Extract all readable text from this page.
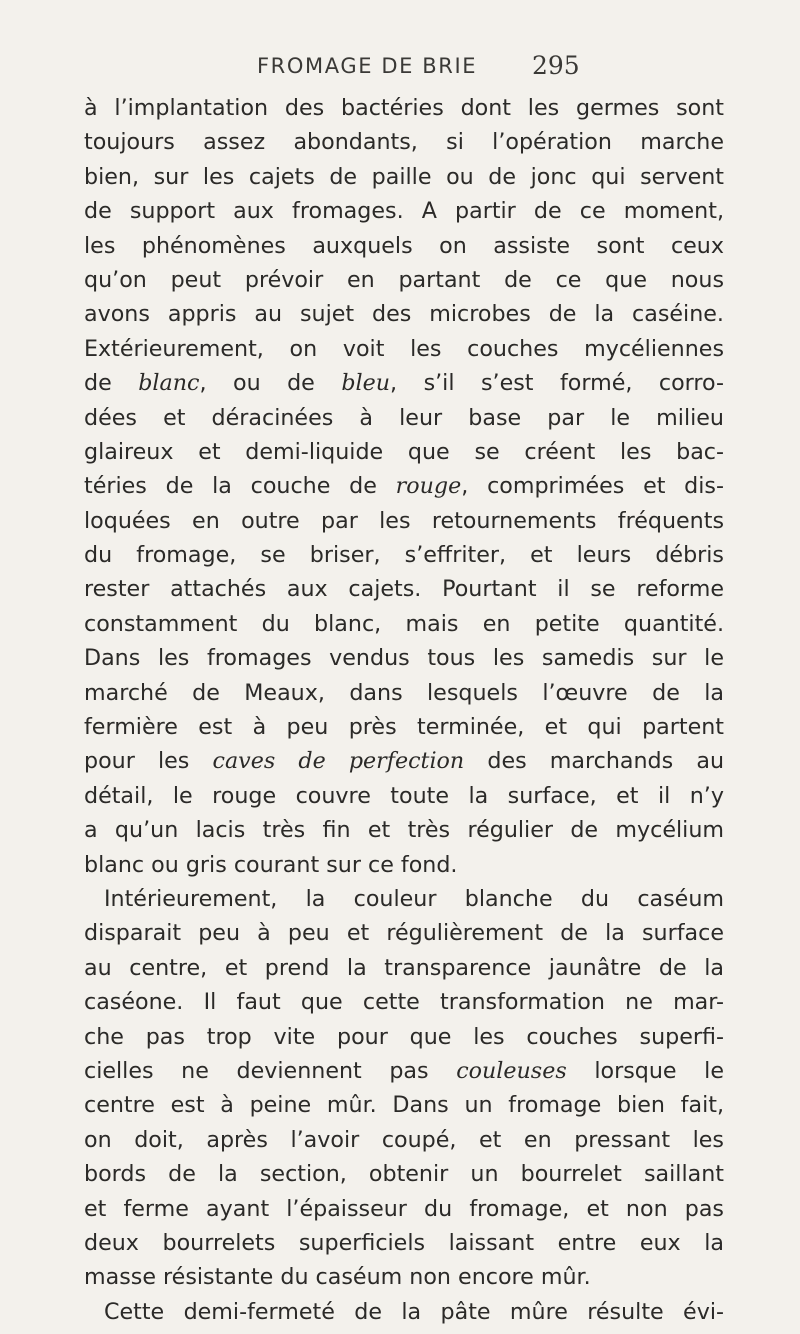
FROMAGE DE BRIE 295
à l’implantation des bactéries dont les germes sont
toujours assez abondants, si l’opération marche
bien, sur les cajets de paille ou de jonc qui servent
de support aux fromages. A partir de ce moment,
les phénomènes auxquels on assiste sont ceux
qu’on peut prévoir en partant de ce que nous
avons appris au sujet des microbes de la caséine.
Extérieurement, on voit les couches mycéliennes
de blanc, ou de bleu, s’il s’est formé, corro-
dées et déracinées à leur base par le milieu
glaireux et demi-liquide que se créent les bac-
téries de la couche de rouge, comprimées et dis-
loquées en outre par les retournements fréquents
du fromage, se briser, s’effriter, et leurs débris
rester attachés aux cajets. Pourtant il se reforme
constamment du blanc, mais en petite quantité.
Dans les fromages vendus tous les samedis sur le
marché de Meaux, dans lesquels l’œuvre de la
fermière est à peu près terminée, et qui partent
pour les caves de perfection des marchands au
détail, le rouge couvre toute la surface, et il n’y
a qu’un lacis très fin et très régulier de mycélium
blanc ou gris courant sur ce fond.
Intérieurement, la couleur blanche du caséum
disparait peu à peu et régulièrement de la surface
au centre, et prend la transparence jaunâtre de la
caséone. Il faut que cette transformation ne mar-
che pas trop vite pour que les couches superfi-
cielles ne deviennent pas couleuses lorsque le
centre est à peine mûr. Dans un fromage bien fait,
on doit, après l’avoir coupé, et en pressant les
bords de la section, obtenir un bourrelet saillant
et ferme ayant l’épaisseur du fromage, et non pas
deux bourrelets superficiels laissant entre eux la
masse résistante du caséum non encore mûr.
Cette demi-fermeté de la pâte mûre résulte évi-
